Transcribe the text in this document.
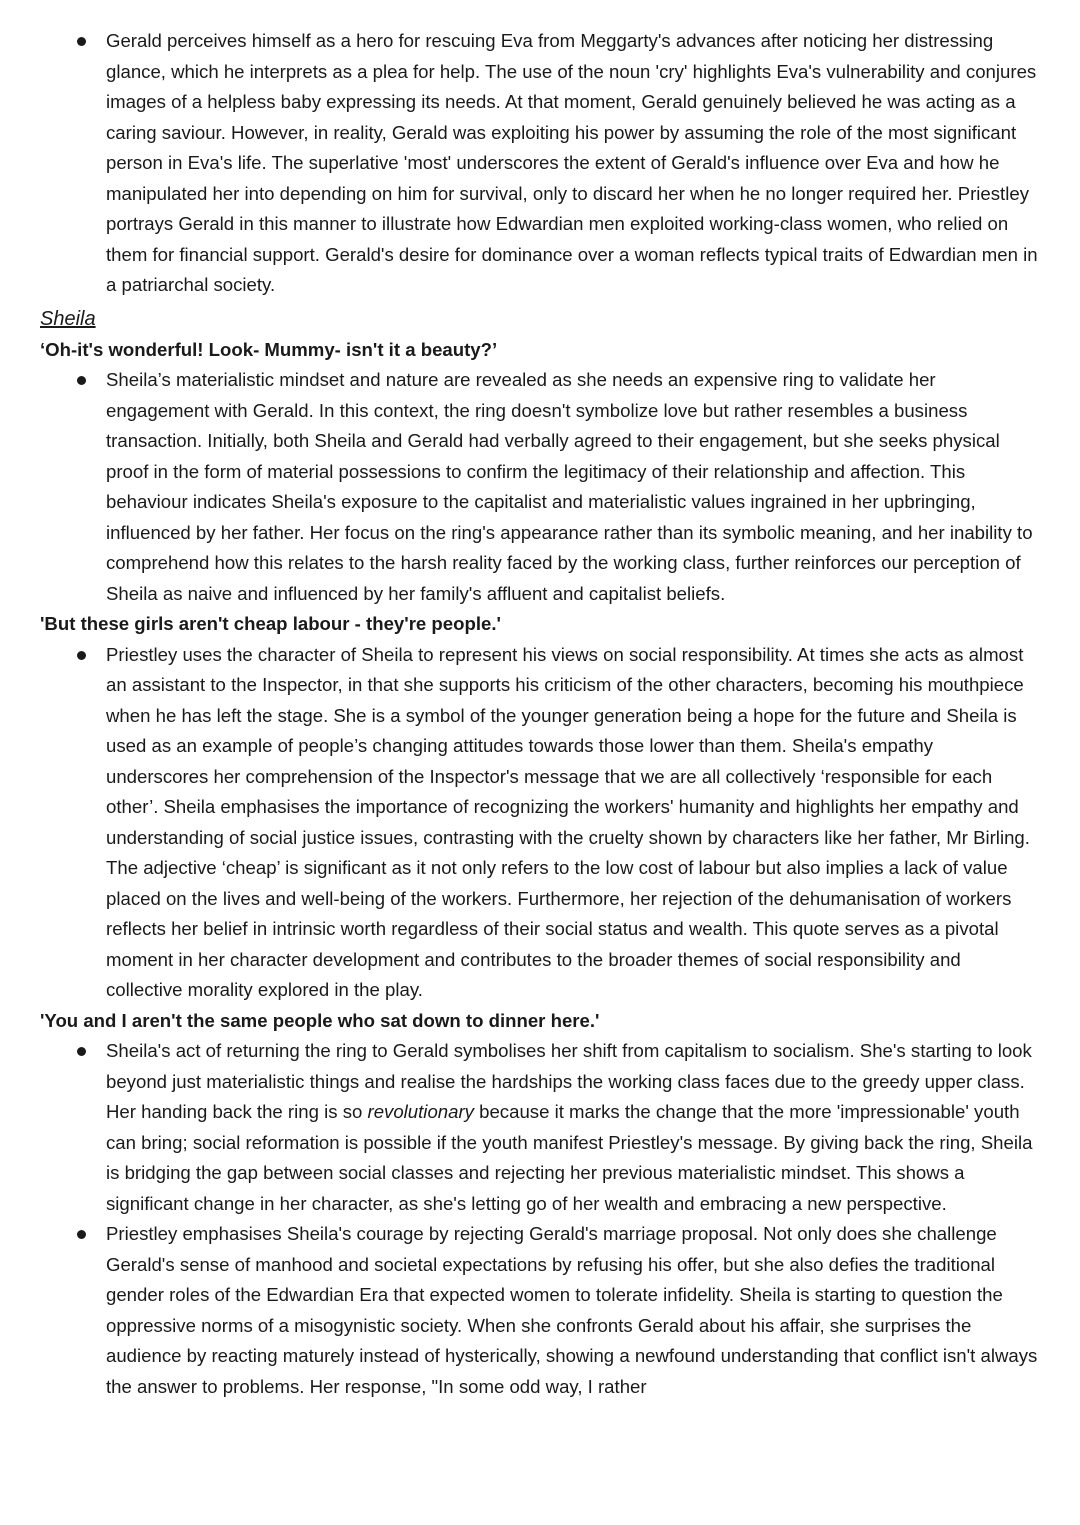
Gerald perceives himself as a hero for rescuing Eva from Meggarty's advances after noticing her distressing glance, which he interprets as a plea for help. The use of the noun 'cry' highlights Eva's vulnerability and conjures images of a helpless baby expressing its needs. At that moment, Gerald genuinely believed he was acting as a caring saviour. However, in reality, Gerald was exploiting his power by assuming the role of the most significant person in Eva's life. The superlative 'most' underscores the extent of Gerald's influence over Eva and how he manipulated her into depending on him for survival, only to discard her when he no longer required her. Priestley portrays Gerald in this manner to illustrate how Edwardian men exploited working-class women, who relied on them for financial support. Gerald's desire for dominance over a woman reflects typical traits of Edwardian men in a patriarchal society.
Sheila
‘Oh-it's wonderful! Look- Mummy- isn't it a beauty?’
Sheila’s materialistic mindset and nature are revealed as she needs an expensive ring to validate her engagement with Gerald. In this context, the ring doesn't symbolize love but rather resembles a business transaction. Initially, both Sheila and Gerald had verbally agreed to their engagement, but she seeks physical proof in the form of material possessions to confirm the legitimacy of their relationship and affection. This behaviour indicates Sheila's exposure to the capitalist and materialistic values ingrained in her upbringing, influenced by her father. Her focus on the ring's appearance rather than its symbolic meaning, and her inability to comprehend how this relates to the harsh reality faced by the working class, further reinforces our perception of Sheila as naive and influenced by her family's affluent and capitalist beliefs.
'But these girls aren't cheap labour - they're people.'
Priestley uses the character of Sheila to represent his views on social responsibility. At times she acts as almost an assistant to the Inspector, in that she supports his criticism of the other characters, becoming his mouthpiece when he has left the stage. She is a symbol of the younger generation being a hope for the future and Sheila is used as an example of people’s changing attitudes towards those lower than them. Sheila's empathy underscores her comprehension of the Inspector's message that we are all collectively ‘responsible for each other’. Sheila emphasises the importance of recognizing the workers' humanity and highlights her empathy and understanding of social justice issues, contrasting with the cruelty shown by characters like her father, Mr Birling. The adjective ‘cheap’ is significant as it not only refers to the low cost of labour but also implies a lack of value placed on the lives and well-being of the workers. Furthermore, her rejection of the dehumanisation of workers reflects her belief in intrinsic worth regardless of their social status and wealth. This quote serves as a pivotal moment in her character development and contributes to the broader themes of social responsibility and collective morality explored in the play.
'You and I aren't the same people who sat down to dinner here.'
Sheila's act of returning the ring to Gerald symbolises her shift from capitalism to socialism. She's starting to look beyond just materialistic things and realise the hardships the working class faces due to the greedy upper class. Her handing back the ring is so revolutionary because it marks the change that the more 'impressionable' youth can bring; social reformation is possible if the youth manifest Priestley's message. By giving back the ring, Sheila is bridging the gap between social classes and rejecting her previous materialistic mindset. This shows a significant change in her character, as she's letting go of her wealth and embracing a new perspective.
Priestley emphasises Sheila's courage by rejecting Gerald's marriage proposal. Not only does she challenge Gerald's sense of manhood and societal expectations by refusing his offer, but she also defies the traditional gender roles of the Edwardian Era that expected women to tolerate infidelity. Sheila is starting to question the oppressive norms of a misogynistic society. When she confronts Gerald about his affair, she surprises the audience by reacting maturely instead of hysterically, showing a newfound understanding that conflict isn't always the answer to problems. Her response, "In some odd way, I rather
